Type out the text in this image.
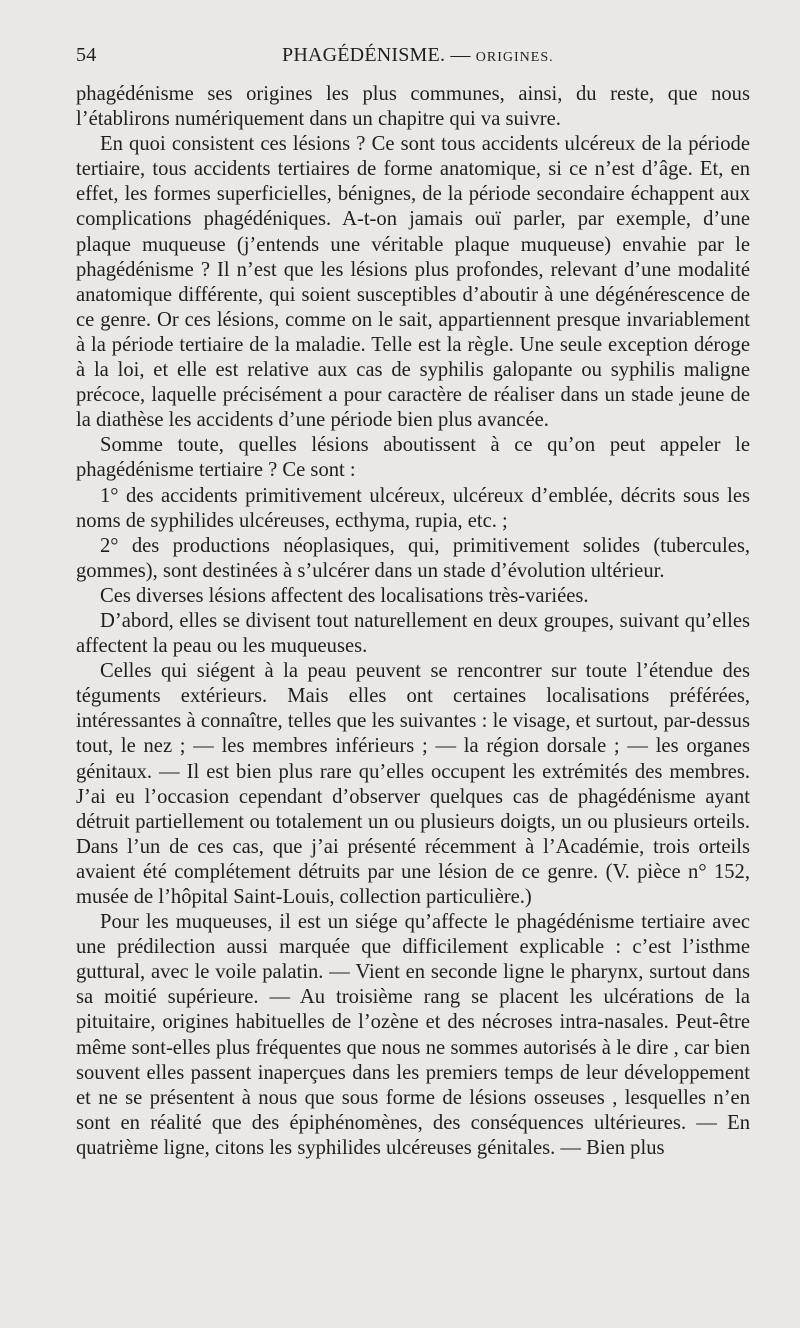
54	PHAGÉDÉNISME. — ORIGINES.

phagédénisme ses origines les plus communes, ainsi, du reste, que nous l’établirons numériquement dans un chapitre qui va suivre.

En quoi consistent ces lésions ? Ce sont tous accidents ulcéreux de la période tertiaire, tous accidents tertiaires de forme anatomique, si ce n’est d’âge. Et, en effet, les formes superficielles, bénignes, de la période secondaire échappent aux complications phagédéniques. A-t-on jamais ouï parler, par exemple, d’une plaque muqueuse (j’entends une véritable plaque muqueuse) envahie par le phagédénisme ? Il n’est que les lésions plus profondes, relevant d’une modalité anatomique différente, qui soient susceptibles d’aboutir à une dégénérescence de ce genre. Or ces lésions, comme on le sait, appartiennent presque invariablement à la période tertiaire de la maladie. Telle est la règle. Une seule exception déroge à la loi, et elle est relative aux cas de syphilis galopante ou syphilis maligne précoce, laquelle précisément a pour caractère de réaliser dans un stade jeune de la diathèse les accidents d’une période bien plus avancée.

Somme toute, quelles lésions aboutissent à ce qu’on peut appeler le phagédénisme tertiaire ? Ce sont :

1° des accidents primitivement ulcéreux, ulcéreux d’emblée, décrits sous les noms de syphilides ulcéreuses, ecthyma, rupia, etc. ;

2° des productions néoplasiques, qui, primitivement solides (tubercules, gommes), sont destinées à s’ulcérer dans un stade d’évolution ultérieur.

Ces diverses lésions affectent des localisations très-variées.

D’abord, elles se divisent tout naturellement en deux groupes, suivant qu’elles affectent la peau ou les muqueuses.

Celles qui siégent à la peau peuvent se rencontrer sur toute l’étendue des téguments extérieurs. Mais elles ont certaines localisations préférées, intéressantes à connaître, telles que les suivantes : le visage, et surtout, par-dessus tout, le nez ; — les membres inférieurs ; — la région dorsale ; — les organes génitaux. — Il est bien plus rare qu’elles occupent les extrémités des membres. J’ai eu l’occasion cependant d’observer quelques cas de phagédénisme ayant détruit partiellement ou totalement un ou plusieurs doigts, un ou plusieurs orteils. Dans l’un de ces cas, que j’ai présenté récemment à l’Académie, trois orteils avaient été complétement détruits par une lésion de ce genre. (V. pièce n° 152, musée de l’hôpital Saint-Louis, collection particulière.)

Pour les muqueuses, il est un siége qu’affecte le phagédénisme tertiaire avec une prédilection aussi marquée que difficilement explicable : c’est l’isthme guttural, avec le voile palatin. — Vient en seconde ligne le pharynx, surtout dans sa moitié supérieure. — Au troisième rang se placent les ulcérations de la pituitaire, origines habituelles de l’ozène et des nécroses intra-nasales. Peut-être même sont-elles plus fréquentes que nous ne sommes autorisés à le dire , car bien souvent elles passent inaperçues dans les premiers temps de leur développement et ne se présentent à nous que sous forme de lésions osseuses , lesquelles n’en sont en réalité que des épiphénomènes, des conséquences ultérieures. — En quatrième ligne, citons les syphilides ulcéreuses génitales. — Bien plus
